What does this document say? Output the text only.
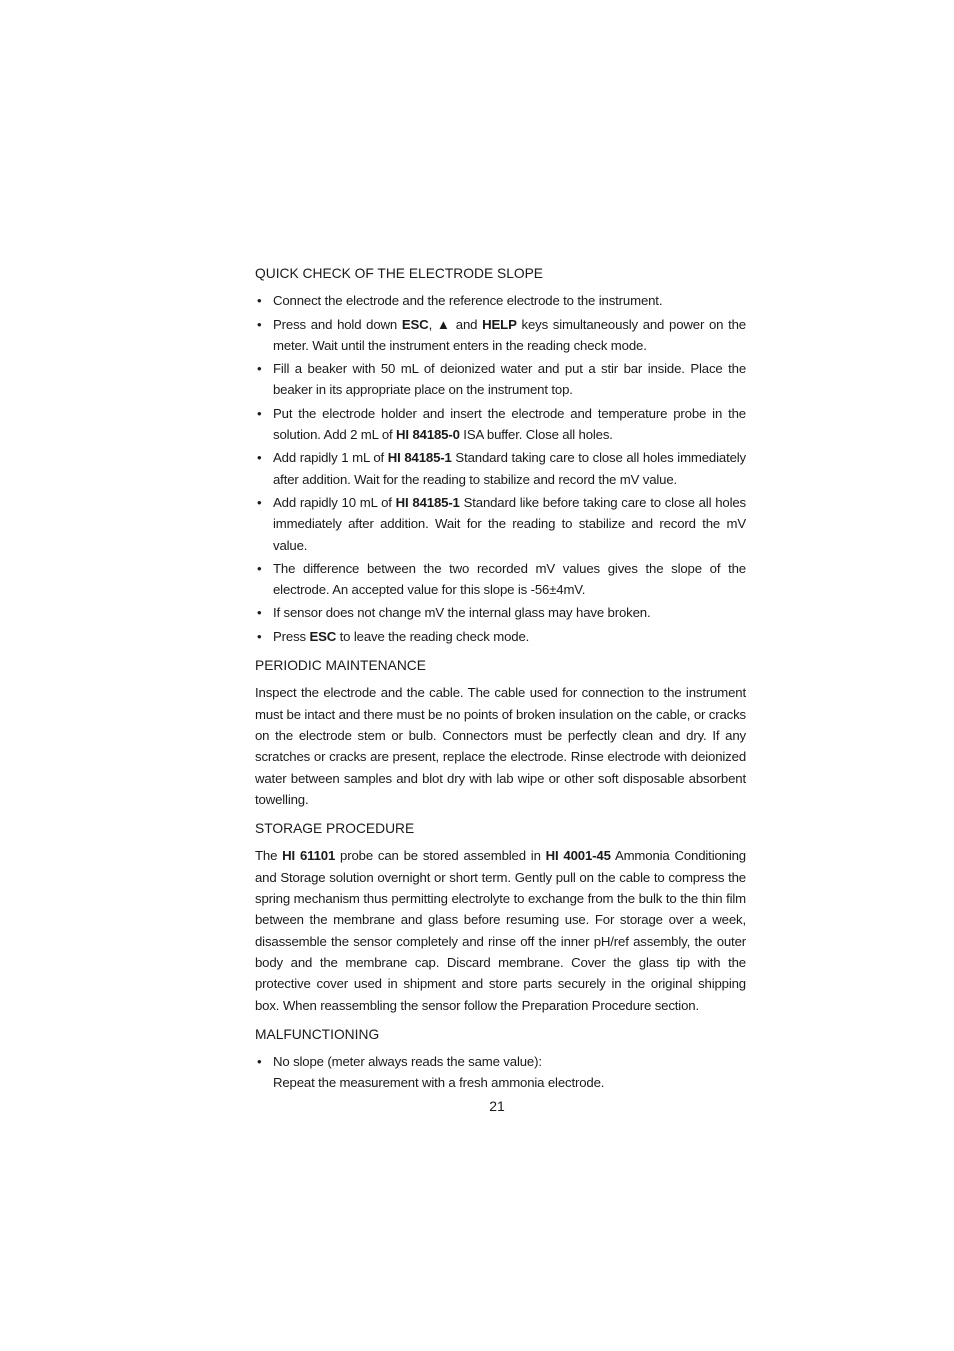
QUICK CHECK OF THE ELECTRODE SLOPE
• Connect the electrode and the reference electrode to the instrument.
• Press and hold down ESC, ▲ and HELP keys simultaneously and power on the meter. Wait until the instrument enters in the reading check mode.
• Fill a beaker with 50 mL of deionized water and put a stir bar inside. Place the beaker in its appropriate place on the instrument top.
• Put the electrode holder and insert the electrode and temperature probe in the solution. Add 2 mL of HI 84185-0 ISA buffer. Close all holes.
• Add rapidly 1 mL of HI 84185-1 Standard taking care to close all holes immediately after addition. Wait for the reading to stabilize and record the mV value.
• Add rapidly 10 mL of HI 84185-1 Standard like before taking care to close all holes immediately after addition. Wait for the reading to stabilize and record the mV value.
• The difference between the two recorded mV values gives the slope of the electrode. An accepted value for this slope is -56±4mV.
• If sensor does not change mV the internal glass may have broken.
• Press ESC to leave the reading check mode.
PERIODIC MAINTENANCE

Inspect the electrode and the cable. The cable used for connection to the instrument must be intact and there must be no points of broken insulation on the cable, or cracks on the electrode stem or bulb. Connectors must be perfectly clean and dry. If any scratches or cracks are present, replace the electrode. Rinse electrode with deionized water between samples and blot dry with lab wipe or other soft disposable absorbent towelling.

STORAGE PROCEDURE

The HI 61101 probe can be stored assembled in HI 4001-45 Ammonia Conditioning and Storage solution overnight or short term. Gently pull on the cable to compress the spring mechanism thus permitting electrolyte to exchange from the bulk to the thin film between the membrane and glass before resuming use. For storage over a week, disassemble the sensor completely and rinse off the inner pH/ref assembly, the outer body and the membrane cap. Discard membrane. Cover the glass tip with the protective cover used in shipment and store parts securely in the original shipping box. When reassembling the sensor follow the Preparation Procedure section.

MALFUNCTIONING
• No slope (meter always reads the same value):
Repeat the measurement with a fresh ammonia electrode.
21
